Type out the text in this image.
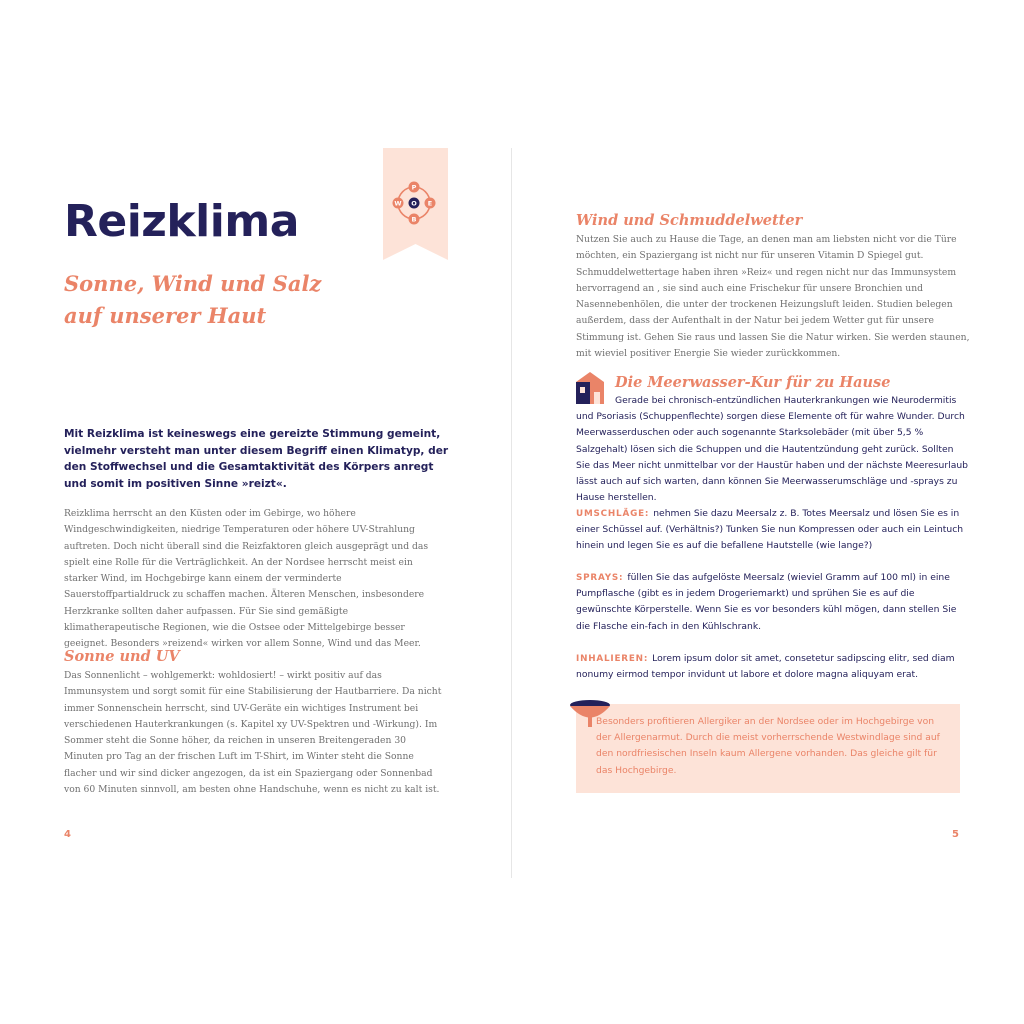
Reizklima
Sonne, Wind und Salz auf unserer Haut

Mit Reizklima ist keineswegs eine gereizte Stimmung gemeint, vielmehr versteht man unter diesem Begriff einen Klimatyp, der den Stoffwechsel und die Gesamtaktivität des Körpers anregt und somit im positiven Sinne »reizt«.

Reizklima herrscht an den Küsten oder im Gebirge, wo höhere Windgeschwindigkeiten, niedrige Temperaturen oder höhere UV-Strahlung auftreten. Doch nicht überall sind die Reizfaktoren gleich ausgeprägt und das spielt eine Rolle für die Verträglichkeit. An der Nordsee herrscht meist ein starker Wind, im Hochgebirge kann einem der verminderte Sauerstoffpartialdruck zu schaffen machen. Älteren Menschen, insbesondere Herzkranke sollten daher aufpassen. Für Sie sind gemäßigte klimatherapeutische Regionen, wie die Ostsee oder Mittelgebirge besser geeignet. Besonders »reizend« wirken vor allem Sonne, Wind und das Meer.

Sonne und UV

Das Sonnenlicht – wohlgemerkt: wohldosiert! – wirkt positiv auf das Immunsystem und sorgt somit für eine Stabilisierung der Hautbarriere. Da nicht immer Sonnenschein herrscht, sind UV-Geräte ein wichtiges Instrument bei verschiedenen Hauterkrankungen (s. Kapitel xy UV-Spektren und -Wirkung). Im Sommer steht die Sonne höher, da reichen in unseren Breitengeraden 30 Minuten pro Tag an der frischen Luft im T-Shirt, im Winter steht die Sonne flacher und wir sind dicker angezogen, da ist ein Spaziergang oder Sonnenbad von 60 Minuten sinnvoll, am besten ohne Handschuhe, wenn es nicht zu kalt ist.

4
P
W O E
B	Wind und Schmuddelwetter

Nutzen Sie auch zu Hause die Tage, an denen man am liebsten nicht vor die Türe möchten, ein Spaziergang ist nicht nur für unseren Vitamin D Spiegel gut. Schmuddelwettertage haben ihren »Reiz« und regen nicht nur das Immunsystem hervorragend an , sie sind auch eine Frischekur für unsere Bronchien und Nasennebenhölen, die unter der trockenen Heizungsluft leiden. Studien belegen außerdem, dass der Aufenthalt in der Natur bei jedem Wetter gut für unsere Stimmung ist. Gehen Sie raus und lassen Sie die Natur wirken. Sie werden staunen, mit wieviel positiver Energie Sie wieder zurückkommen.

Die Meerwasser-Kur für zu Hause

Gerade bei chronisch-entzündlichen Hauterkrankungen wie Neurodermitis und Psoriasis (Schuppenflechte) sorgen diese Elemente oft für wahre Wunder. Durch Meerwasserduschen oder auch sogenannte Starksolebäder (mit über 5,5 % Salzgehalt) lösen sich die Schuppen und die Hautentzündung geht zurück. Sollten Sie das Meer nicht unmittelbar vor der Haustür haben und der nächste Meeresurlaub lässt auch auf sich warten, dann können Sie Meerwasserumschläge und -sprays zu Hause herstellen.

UMSCHLÄGE: nehmen Sie dazu Meersalz z. B. Totes Meersalz und lösen Sie es in einer Schüssel auf. (Verhältnis?) Tunken Sie nun Kompressen oder auch ein Leintuch hinein und legen Sie es auf die befallene Hautstelle (wie lange?)

SPRAYS: füllen Sie das aufgelöste Meersalz (wieviel Gramm auf 100 ml) in eine Pumpflasche (gibt es in jedem Drogeriemarkt) und sprühen Sie es auf die gewünschte Körperstelle. Wenn Sie es vor besonders kühl mögen, dann stellen Sie die Flasche ein-fach in den Kühlschrank.

INHALIEREN: Lorem ipsum dolor sit amet, consetetur sadipscing elitr, sed diam nonumy eirmod tempor invidunt ut labore et dolore magna aliquyam erat.

Besonders profitieren Allergiker an der Nordsee oder im Hochgebirge von der Allergenarmut. Durch die meist vorherrschende Westwindlage sind auf den nordfriesischen Inseln kaum Allergene vorhanden. Das gleiche gilt für das Hochgebirge.

5
